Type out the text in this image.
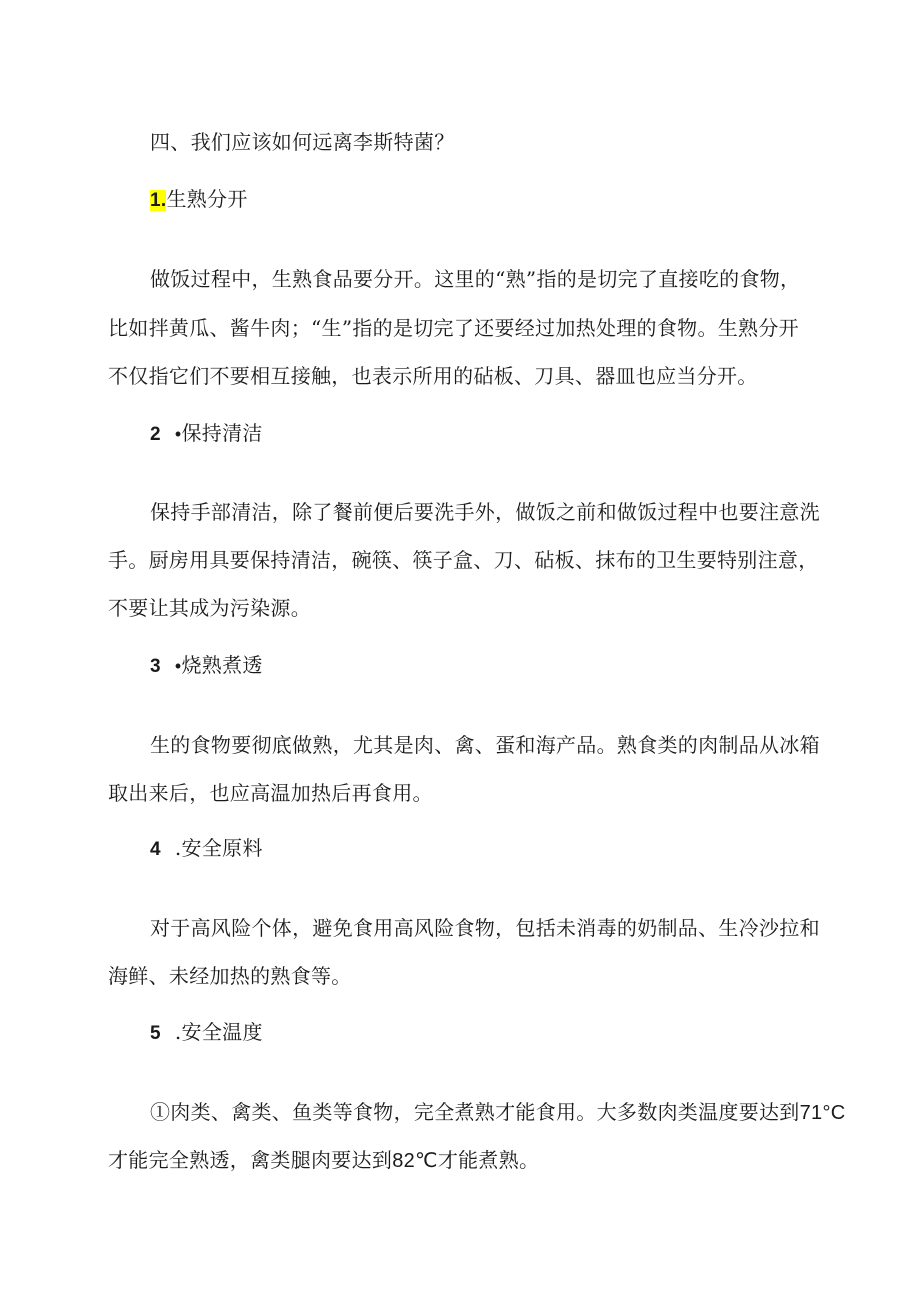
四、我们应该如何远离李斯特菌？
1.生熟分开
做饭过程中，生熟食品要分开。这里的“熟”指的是切完了直接吃的食物，
比如拌黄瓜、酱牛肉；“生”指的是切完了还要经过加热处理的食物。生熟分开
不仅指它们不要相互接触，也表示所用的砧板、刀具、器皿也应当分开。
2 •保持清洁
保持手部清洁，除了餐前便后要洗手外，做饭之前和做饭过程中也要注意洗
手。厨房用具要保持清洁，碗筷、筷子盒、刀、砧板、抹布的卫生要特别注意，
不要让其成为污染源。
3 •烧熟煮透
生的食物要彻底做熟，尤其是肉、禽、蛋和海产品。熟食类的肉制品从冰箱
取出来后，也应高温加热后再食用。
4 .安全原料
对于高风险个体，避免食用高风险食物，包括未消毒的奶制品、生冷沙拉和
海鲜、未经加热的熟食等。
5 .安全温度
①肉类、禽类、鱼类等食物，完全煮熟才能食用。大多数肉类温度要达到71°C
才能完全熟透，禽类腿肉要达到82℃才能煮熟。
